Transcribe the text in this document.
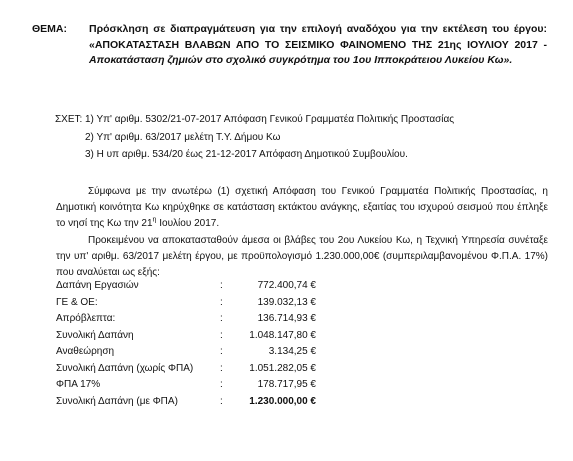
ΘΕΜΑ: Πρόσκληση σε διαπραγμάτευση για την επιλογή αναδόχου για την εκτέλεση του έργου: «ΑΠΟΚΑΤΑΣΤΑΣΗ ΒΛΑΒΩΝ ΑΠΟ ΤΟ ΣΕΙΣΜΙΚΟ ΦΑΙΝΟΜΕΝΟ ΤΗΣ 21ης ΙΟΥΛΙΟΥ 2017 - Αποκατάσταση ζημιών στο σχολικό συγκρότημα του 1ου Ιπποκράτειου Λυκείου Κω».
ΣΧΕΤ: 1) Υπ' αριθμ. 5302/21-07-2017 Απόφαση Γενικού Γραμματέα Πολιτικής Προστασίας
2) Υπ' αριθμ. 63/2017 μελέτη Τ.Υ. Δήμου Κω
3) Η υπ αριθμ. 534/20 έως 21-12-2017 Απόφαση Δημοτικού Συμβουλίου.
Σύμφωνα με την ανωτέρω (1) σχετική Απόφαση του Γενικού Γραμματέα Πολιτικής Προστασίας, η Δημοτική κοινότητα Κω κηρύχθηκε σε κατάσταση εκτάκτου ανάγκης, εξαιτίας του ισχυρού σεισμού που έπληξε το νησί της Κω την $21^\eta$ Ιουλίου 2017.
Προκειμένου να αποκατασταθούν άμεσα οι βλάβες του 2ου Λυκείου Κω, η Τεχνική Υπηρεσία συνέταξε την υπ' αριθμ. 63/2017 μελέτη έργου, με προϋπολογισμό 1.230.000,00€ (συμπεριλαμβανομένου Φ.Π.Α. 17%) που αναλύεται ως εξής:
Δαπάνη Εργασιών	:	772.400,74 €
ΓΕ & ΟΕ:	:	139.032,13 €
Απρόβλεπτα:	:	136.714,93 €
Συνολική Δαπάνη	:	1.048.147,80 €
Αναθεώρηση	:	3.134,25 €
Συνολική Δαπάνη (χωρίς ΦΠΑ)	:	1.051.282,05 €
ΦΠΑ 17%	:	178.717,95 €
Συνολική Δαπάνη (με ΦΠΑ)	:	1.230.000,00 €
